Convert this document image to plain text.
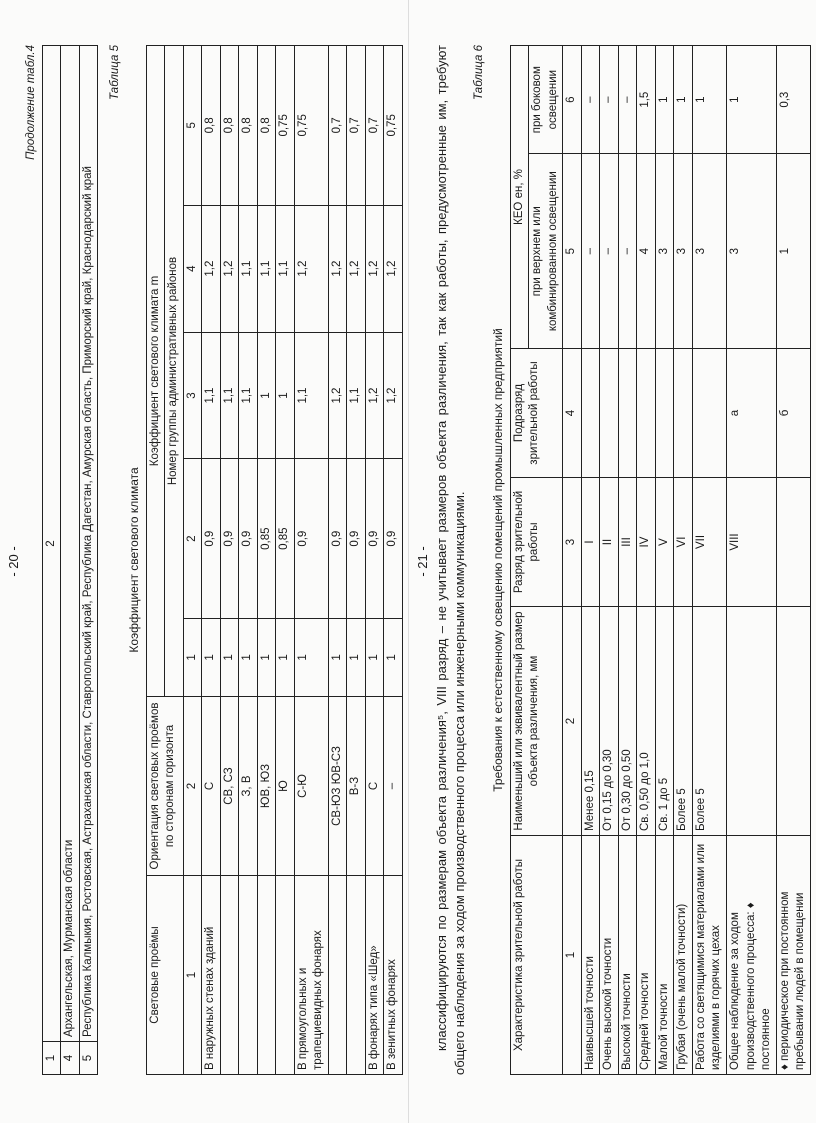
- 20 -
Продолжение табл.4
1	2
4	Архангельская, Мурманская области
5	Республика Калмыкия, Ростовская, Астраханская области, Ставропольский край, Республика Дагестан, Амурская область, Приморский край, Краснодарский край
Таблица 5
Коэффициент светового климата
Световые проёмы	Ориентация световых проёмов по сторонам горизонта	Коэффициент светового климата m				
		Номер группы административных районов				
1	2	1	2	3	4	5
В наружных стенах зданий	С	1	0,9	1,1	1,2	0,8
	СВ, СЗ	1	0,9	1,1	1,2	0,8
	З, В	1	0,9	1,1	1,1	0,8
	ЮВ, ЮЗ	1	0,85	1	1,1	0,8
	Ю	1	0,85	1	1,1	0,75
В прямоугольных и трапециевидных фонарях	С-Ю	1	0,9	1,1	1,2	0,75
	СВ-ЮЗ ЮВ-СЗ	1	0,9	1,2	1,2	0,7
	В-З	1	0,9	1,1	1,2	0,7
В фонарях типа «Шед»	С	1	0,9	1,2	1,2	0,7
В зенитных фонарях	–	1	0,9	1,2	1,2	0,75

- 21 - классифицируются по размерам объекта различения⁵, VIII разряд – не учитывает размеров объекта различения, так как работы, предусмотренные им, требуют общего наблюдения за ходом производственного процесса или инженерными коммуникациями.

Таблица 6
Требования к естественному освещению помещений промышленных предприятий
Характеристика зрительной работы	Наименьший или эквивалентный размер объекта различения, мм	Разряд зрительной работы	Подразряд зрительной работы	КЕО eн, %	
				при верхнем или комбинированном освещении	при боковом освещении
1	2	3	4	5	6
Наивысшей точности	Менее 0,15	I		–	–
Очень высокой точности	От 0,15 до 0,30	II		–	–
Высокой точности	От 0,30 до 0,50	III		–	–
Средней точности	Св. 0,50 до 1,0	IV		4	1,5
Малой точности	Св. 1 до 5	V		3	1
Грубая (очень малой точности)	Более 5	VI		3	1
Работа со светящимися материалами или изделиями в горячих цехах	Более 5	VII		3	1
Общее наблюдение за ходом производственного процесса: ♦ постоянное		VIII	а	3	1
♦ периодическое при постоянном пребывании людей в помещении			б	1	0,3
